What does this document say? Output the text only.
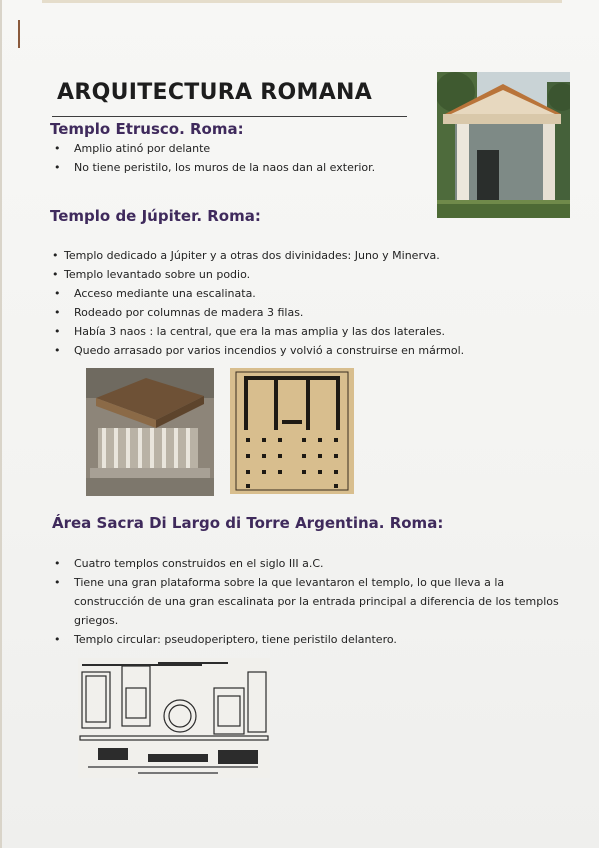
ARQUITECTURA ROMANA
Templo Etrusco. Roma:
• Amplio atinó por delante
• No tiene peristilo, los muros de la naos dan al exterior.
Templo de Júpiter. Roma:
• Templo dedicado a Júpiter y a otras dos divinidades: Juno y Minerva.
• Templo levantado sobre un podio.
• Acceso mediante una escalinata.
• Rodeado por columnas de madera 3 filas.
• Había 3 naos : la central, que era la mas amplia y las dos laterales.
• Quedo arrasado por varios incendios y volvió a construirse en mármol.
Área Sacra Di Largo di Torre Argentina. Roma:
• Cuatro templos construidos en el siglo III a.C.
• Tiene una gran plataforma sobre la que levantaron el templo, lo que lleva a la construcción de una gran escalinata por la entrada principal a diferencia de los templos griegos.
• Templo circular: pseudoperiptero, tiene peristilo delantero.
